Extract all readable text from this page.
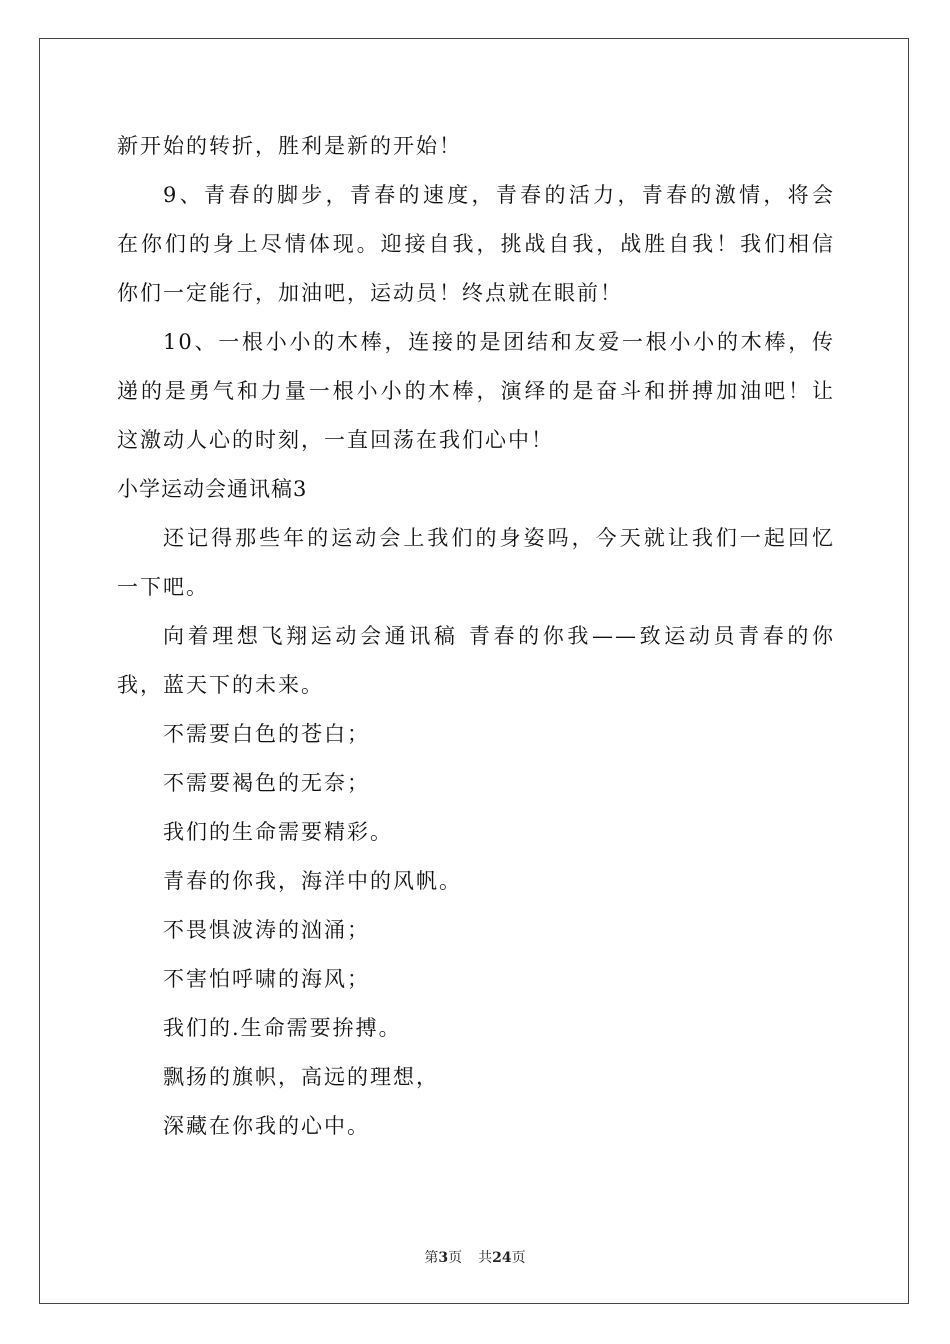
新开始的转折，胜利是新的开始！
9、青春的脚步，青春的速度，青春的活力，青春的激情，将会
在你们的身上尽情体现。迎接自我，挑战自我，战胜自我！我们相信
你们一定能行，加油吧，运动员！终点就在眼前！
10、一根小小的木棒，连接的是团结和友爱一根小小的木棒，传
递的是勇气和力量一根小小的木棒，演绎的是奋斗和拼搏加油吧！让
这激动人心的时刻，一直回荡在我们心中！
小学运动会通讯稿3
还记得那些年的运动会上我们的身姿吗，今天就让我们一起回忆
一下吧。
向着理想飞翔运动会通讯稿 青春的你我——致运动员青春的你
我，蓝天下的未来。
不需要白色的苍白；
不需要褐色的无奈；
我们的生命需要精彩。
青春的你我，海洋中的风帆。
不畏惧波涛的汹涌；
不害怕呼啸的海风；
我们的.生命需要拚搏。
飘扬的旗帜，高远的理想，
深藏在你我的心中。
第3页 共24页
